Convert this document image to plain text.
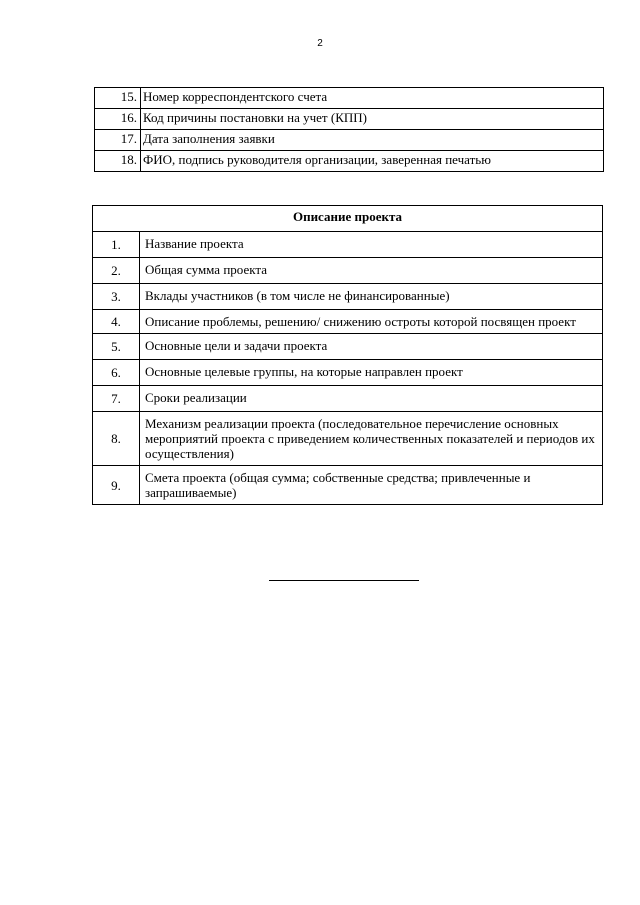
2
15.	Номер корреспондентского счета
16.	Код причины постановки на учет (КПП)
17.	Дата заполнения заявки
18.	ФИО, подпись руководителя организации, заверенная печатью
Описание проекта	
1.	Название проекта
2.	Общая сумма проекта
3.	Вклады участников (в том числе не финансированные)
4.	Описание проблемы, решению/ снижению остроты которой посвящен проект
5.	Основные цели и задачи проекта
6.	Основные целевые группы, на которые направлен проект
7.	Сроки реализации
8.	Механизм реализации проекта (последовательное перечисление основных мероприятий проекта с приведением количественных показателей и периодов их осуществления)
9.	Смета проекта (общая сумма; собственные средства; привлеченные и запрашиваемые)
